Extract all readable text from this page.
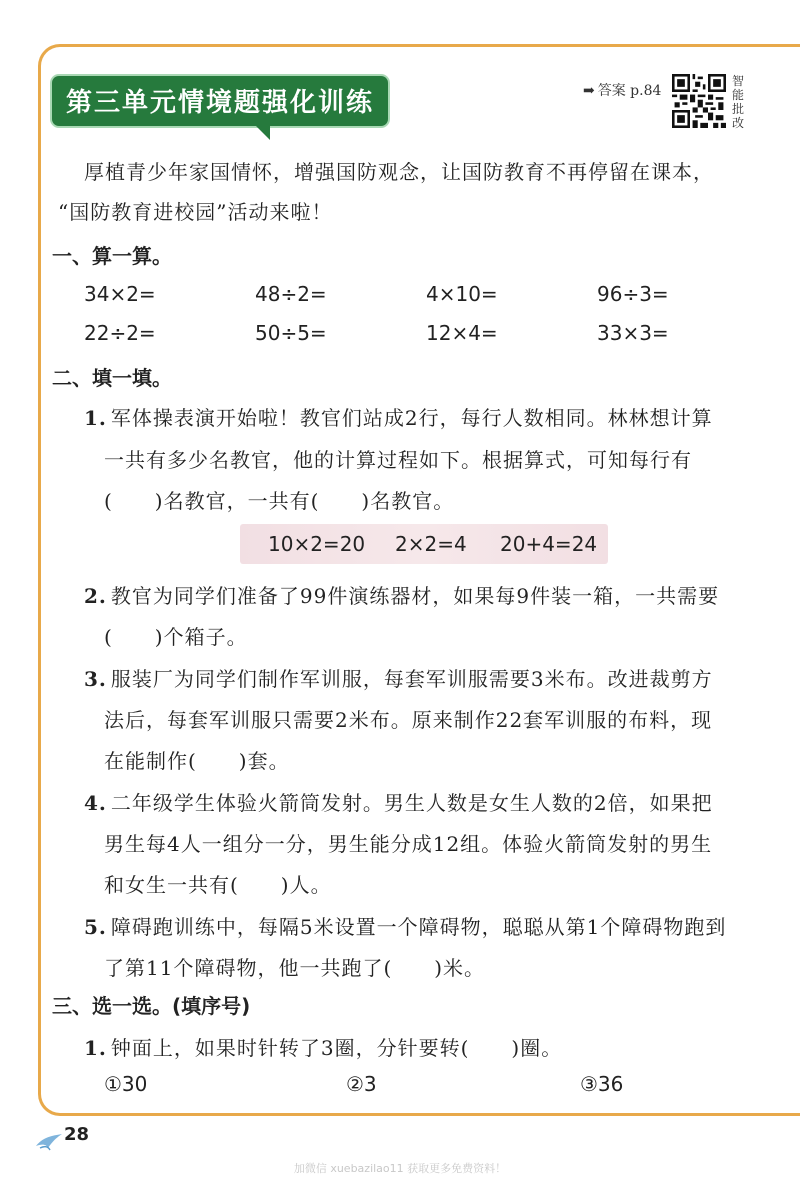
第三单元情境题强化训练	➡ 答案 p.84
智
能
批
改
厚植青少年家国情怀，增强国防观念，让国防教育不再停留在课本，
“国防教育进校园”活动来啦！
一、算一算。
34×2=	48÷2=	4×10=	96÷3=
22÷2=	50÷5=	12×4=	33×3=
二、填一填。
1. 军体操表演开始啦！教官们站成2行，每行人数相同。林林想计算
一共有多少名教官，他的计算过程如下。根据算式，可知每行有
(　　)名教官，一共有(　　)名教官。
10×2=20 2×2=4 20+4=24
2. 教官为同学们准备了99件演练器材，如果每9件装一箱，一共需要
(　　)个箱子。
3. 服装厂为同学们制作军训服，每套军训服需要3米布。改进裁剪方
法后，每套军训服只需要2米布。原来制作22套军训服的布料，现
在能制作(　　)套。
4. 二年级学生体验火箭筒发射。男生人数是女生人数的2倍，如果把
男生每4人一组分一分，男生能分成12组。体验火箭筒发射的男生
和女生一共有(　　)人。
5. 障碍跑训练中，每隔5米设置一个障碍物，聪聪从第1个障碍物跑到
了第11个障碍物，他一共跑了(　　)米。
三、选一选。(填序号)
1. 钟面上，如果时针转了3圈，分针要转(　　)圈。
①30	②3	③36
28
加微信 xuebazilao11 获取更多免费资料！
